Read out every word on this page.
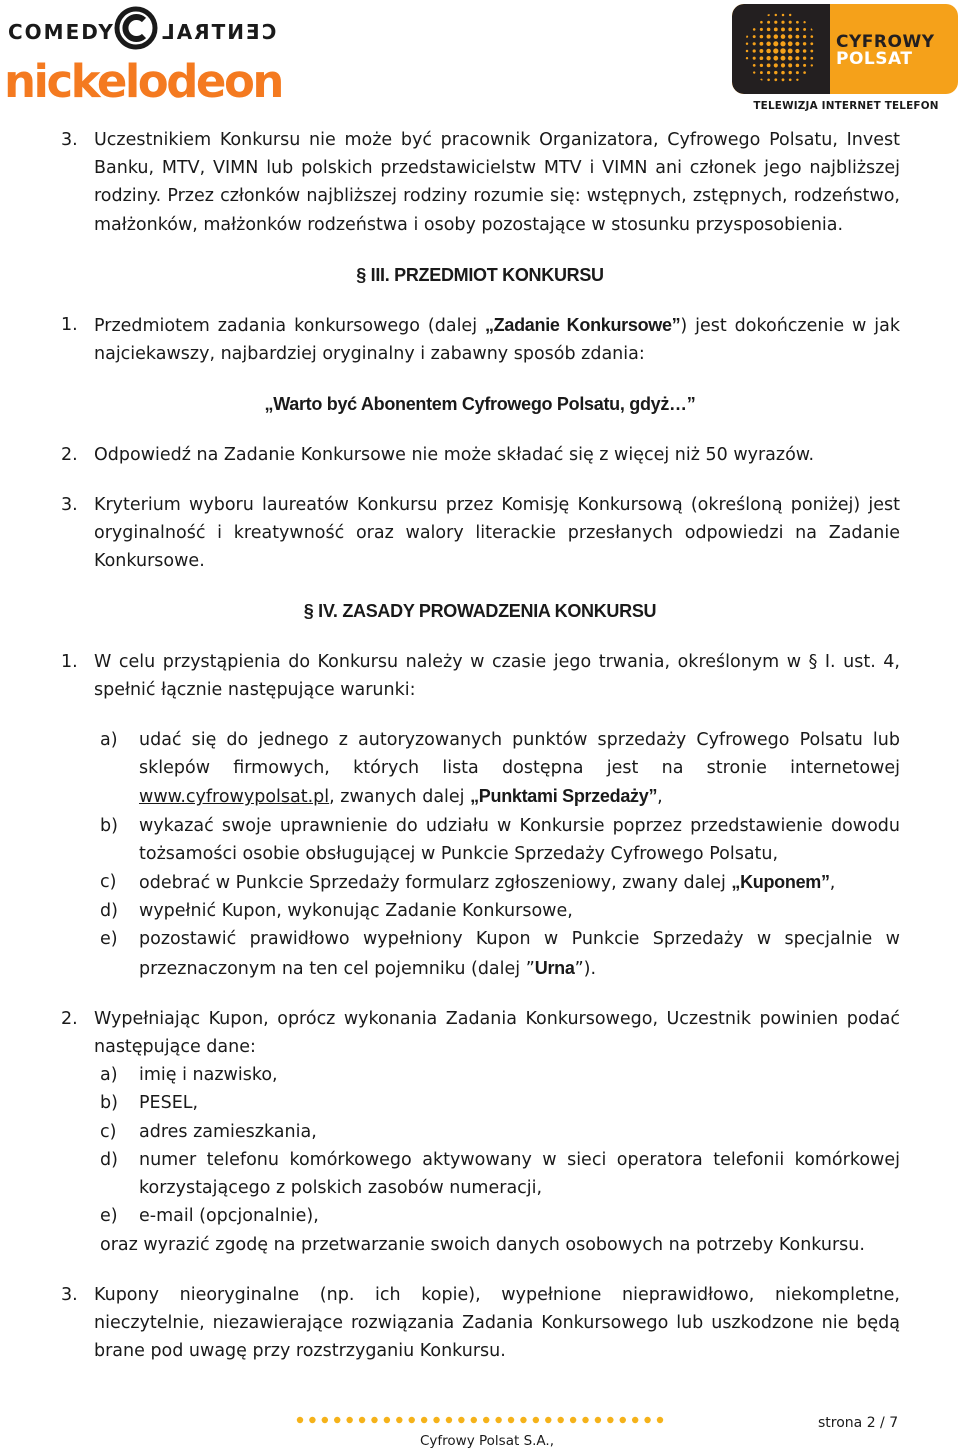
COMEDY CENTRAL
nickelodeon
CYFROWY
POLSAT
TELEWIZJA INTERNET TELEFON

3. Uczestnikiem Konkursu nie może być pracownik Organizatora, Cyfrowego Polsatu, Invest Banku, MTV, VIMN lub polskich przedstawicielstw MTV i VIMN ani członek jego najbliższej rodziny. Przez członków najbliższej rodziny rozumie się: wstępnych, zstępnych, rodzeństwo, małżonków, małżonków rodzeństwa i osoby pozostające w stosunku przysposobienia.

§ III. PRZEDMIOT KONKURSU

1. Przedmiotem zadania konkursowego (dalej „Zadanie Konkursowe”) jest dokończenie w jak najciekawszy, najbardziej oryginalny i zabawny sposób zdania:

„Warto być Abonentem Cyfrowego Polsatu, gdyż…”

2. Odpowiedź na Zadanie Konkursowe nie może składać się z więcej niż 50 wyrazów.

3. Kryterium wyboru laureatów Konkursu przez Komisję Konkursową (określoną poniżej) jest oryginalność i kreatywność oraz walory literackie przesłanych odpowiedzi na Zadanie Konkursowe.

§ IV. ZASADY PROWADZENIA KONKURSU

1. W celu przystąpienia do Konkursu należy w czasie jego trwania, określonym w § I. ust. 4, spełnić łącznie następujące warunki:

a) udać się do jednego z autoryzowanych punktów sprzedaży Cyfrowego Polsatu lub sklepów firmowych, których lista dostępna jest na stronie internetowej www.cyfrowypolsat.pl, zwanych dalej „Punktami Sprzedaży”,
b) wykazać swoje uprawnienie do udziału w Konkursie poprzez przedstawienie dowodu tożsamości osobie obsługującej w Punkcie Sprzedaży Cyfrowego Polsatu,
c) odebrać w Punkcie Sprzedaży formularz zgłoszeniowy, zwany dalej „Kuponem”,
d) wypełnić Kupon, wykonując Zadanie Konkursowe,
e) pozostawić prawidłowo wypełniony Kupon w Punkcie Sprzedaży w specjalnie w przeznaczonym na ten cel pojemniku (dalej ”Urna”).

2. Wypełniając Kupon, oprócz wykonania Zadania Konkursowego, Uczestnik powinien podać następujące dane:

a) imię i nazwisko,
b) PESEL,
c) adres zamieszkania,
d) numer telefonu komórkowego aktywowany w sieci operatora telefonii komórkowej korzystającego z polskich zasobów numeracji,
e) e-mail (opcjonalnie),
oraz wyrazić zgodę na przetwarzanie swoich danych osobowych na potrzeby Konkursu.

3. Kupony nieoryginalne (np. ich kopie), wypełnione nieprawidłowo, niekompletne, nieczytelnie, niezawierające rozwiązania Zadania Konkursowego lub uszkodzone nie będą brane pod uwagę przy rozstrzyganiu Konkursu.

strona 2 / 7
Cyfrowy Polsat S.A.,
